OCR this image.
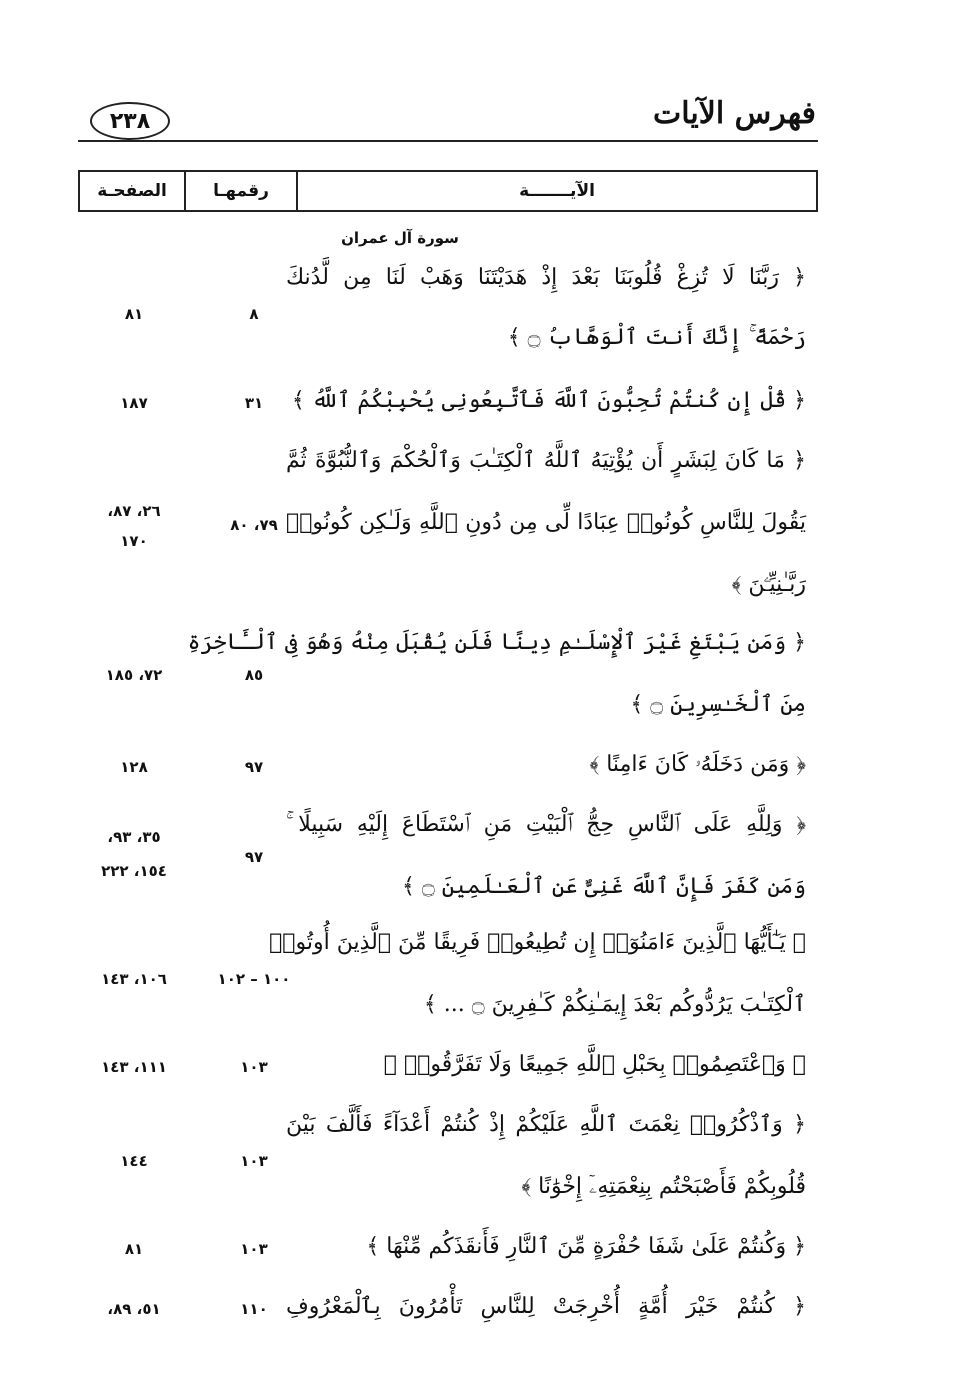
٢٣٨	فهرس الآيات
الآيـــــــة
رقمهـا
الصفحـة
سورة آل عمران
﴿ رَبَّنَا لَا تُزِغْ قُلُوبَنَا بَعْدَ إِذْ هَدَيْتَنَا وَهَبْ لَنَا مِن لَّدُنكَ
رَحْمَةً ۚ إِنَّكَ أَنتَ ٱلْوَهَّابُ ۝ ﴾
٨
٨١
﴿ قُلْ إِن كُنتُمْ تُحِبُّونَ ٱللَّهَ فَٱتَّبِعُونِى يُحْبِبْكُمُ ٱللَّهُ ﴾
٣١
١٨٧
﴿ مَا كَانَ لِبَشَرٍ أَن يُؤْتِيَهُ ٱللَّهُ ٱلْكِتَـٰبَ وَٱلْحُكْمَ وَٱلنُّبُوَّةَ ثُمَّ
يَقُولَ لِلنَّاسِ كُونُوا۟ عِبَادًا لِّى مِن دُونِ ٱللَّهِ وَلَـٰكِن كُونُوا۟
رَبَّـٰنِيِّـۧنَ ﴾
٧٩، ٨٠
٢٦، ٨٧،
١٧٠
﴿ وَمَن يَبْتَغِ غَيْرَ ٱلْإِسْلَـٰمِ دِينًا فَلَن يُقْبَلَ مِنْهُ وَهُوَ فِى ٱلْـَٔاخِرَةِ
مِنَ ٱلْخَـٰسِرِينَ ۝ ﴾
٨٥
٧٢، ١٨٥
﴿ وَمَن دَخَلَهُۥ كَانَ ءَامِنًا ﴾
٩٧
١٢٨
﴿ وَلِلَّهِ عَلَى ٱلنَّاسِ حِجُّ ٱلْبَيْتِ مَنِ ٱسْتَطَاعَ إِلَيْهِ سَبِيلًا ۚ
وَمَن كَفَرَ فَإِنَّ ٱللَّهَ غَنِىٌّ عَنِ ٱلْعَـٰلَمِينَ ۝ ﴾
٩٧
٣٥، ٩٣،
١٥٤، ٢٢٢
﴿ يَـٰٓأَيُّهَا ٱلَّذِينَ ءَامَنُوٓا۟ إِن تُطِيعُوا۟ فَرِيقًا مِّنَ ٱلَّذِينَ أُوتُوا۟
ٱلْكِتَـٰبَ يَرُدُّوكُم بَعْدَ إِيمَـٰنِكُمْ كَـٰفِرِينَ ۝ ... ﴾
١٠٠ – ١٠٢
١٠٦، ١٤٣
﴿ وَٱعْتَصِمُوا۟ بِحَبْلِ ٱللَّهِ جَمِيعًا وَلَا تَفَرَّقُوا۟ ﴾
١٠٣
١١١، ١٤٣
﴿ وَٱذْكُرُوا۟ نِعْمَتَ ٱللَّهِ عَلَيْكُمْ إِذْ كُنتُمْ أَعْدَآءً فَأَلَّفَ بَيْنَ
قُلُوبِكُمْ فَأَصْبَحْتُم بِنِعْمَتِهِۦٓ إِخْوَٰنًا ﴾
١٠٣
١٤٤
﴿ وَكُنتُمْ عَلَىٰ شَفَا حُفْرَةٍ مِّنَ ٱلنَّارِ فَأَنقَذَكُم مِّنْهَا ﴾
١٠٣
٨١
﴿ كُنتُمْ خَيْرَ أُمَّةٍ أُخْرِجَتْ لِلنَّاسِ تَأْمُرُونَ بِٱلْمَعْرُوفِ
١١٠
٥١، ٨٩،
